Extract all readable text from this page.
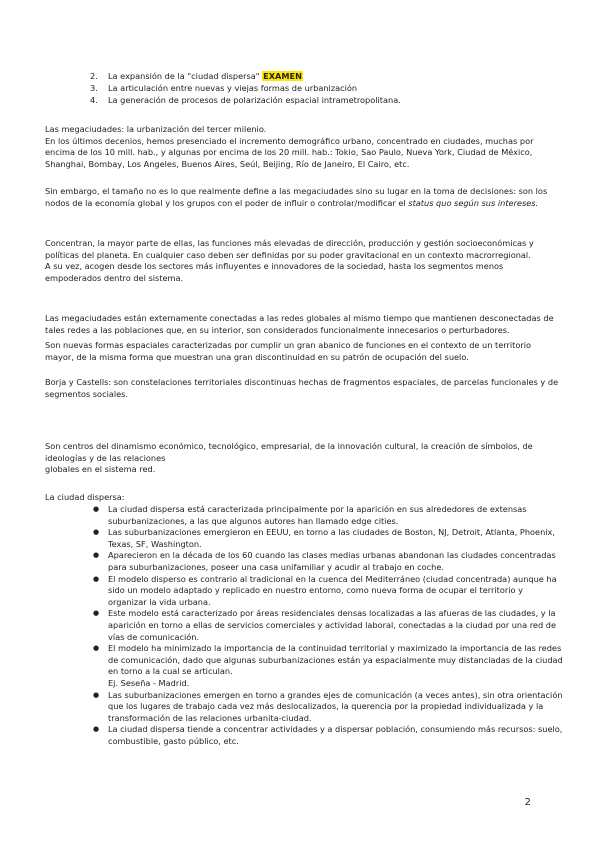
2. La expansión de la "ciudad dispersa" EXAMEN
3. La articulación entre nuevas y viejas formas de urbanización
4. La generación de procesos de polarización espacial intrametropolitana.

Las megaciudades: la urbanización del tercer milenio.

En los últimos decenios, hemos presenciado el incremento demográfico urbano, concentrado en ciudades, muchas por encima de los 10 mill. hab., y algunas por encima de los 20 mill. hab.: Tokio, Sao Paulo, Nueva York, Ciudad de México, Shanghai, Bombay, Los Angeles, Buenos Aires, Seúl, Beijing, Río de Janeiro, El Cairo, etc.

Sin embargo, el tamaño no es lo que realmente define a las megaciudades sino su lugar en la toma de decisiones: son los nodos de la economía global y los grupos con el poder de influir o controlar/modificar el status quo según sus intereses.

Concentran, la mayor parte de ellas, las funciones más elevadas de dirección, producción y gestión socioeconómicas y políticas del planeta. En cualquier caso deben ser definidas por su poder gravitacional en un contexto macrorregional.

A su vez, acogen desde los sectores más influyentes e innovadores de la sociedad, hasta los segmentos menos empoderados dentro del sistema.

Las megaciudades están externamente conectadas a las redes globales al mismo tiempo que mantienen desconectadas de tales redes a las poblaciones que, en su interior, son considerados funcionalmente innecesarios o perturbadores.

Son nuevas formas espaciales caracterizadas por cumplir un gran abanico de funciones en el contexto de un territorio mayor, de la misma forma que muestran una gran discontinuidad en su patrón de ocupación del suelo.

Borja y Castells: son constelaciones territoriales discontinuas hechas de fragmentos espaciales, de parcelas funcionales y de segmentos sociales.

Son centros del dinamismo económico, tecnológico, empresarial, de la innovación cultural, la creación de símbolos, de ideologías y de las relaciones

globales en el sistema red.

La ciudad dispersa:

● La ciudad dispersa está caracterizada principalmente por la aparición en sus alrededores de extensas suburbanizaciones, a las que algunos autores han llamado edge cities.
● Las suburbanizaciones emergieron en EEUU, en torno a las ciudades de Boston, NJ, Detroit, Atlanta, Phoenix, Texas, SF, Washington.
● Aparecieron en la década de los 60 cuando las clases medias urbanas abandonan las ciudades concentradas para suburbanizaciones, poseer una casa unifamiliar y acudir al trabajo en coche.
● El modelo disperso es contrario al tradicional en la cuenca del Mediterráneo (ciudad concentrada) aunque ha sido un modelo adaptado y replicado en nuestro entorno, como nueva forma de ocupar el territorio y organizar la vida urbana.
● Este modelo está caracterizado por áreas residenciales densas localizadas a las afueras de las ciudades, y la aparición en torno a ellas de servicios comerciales y actividad laboral, conectadas a la ciudad por una red de vías de comunicación.
● El modelo ha minimizado la importancia de la continuidad territorial y maximizado la importancia de las redes de comunicación, dado que algunas suburbanizaciones están ya espacialmente muy distanciadas de la ciudad en torno a la cual se articulan.
Ej. Seseña - Madrid.
● Las suburbanizaciones emergen en torno a grandes ejes de comunicación (a veces antes), sin otra orientación que los lugares de trabajo cada vez más deslocalizados, la querencia por la propiedad individualizada y la transformación de las relaciones urbanita-ciudad.
● La ciudad dispersa tiende a concentrar actividades y a dispersar población, consumiendo más recursos: suelo, combustible, gasto público, etc.
2
